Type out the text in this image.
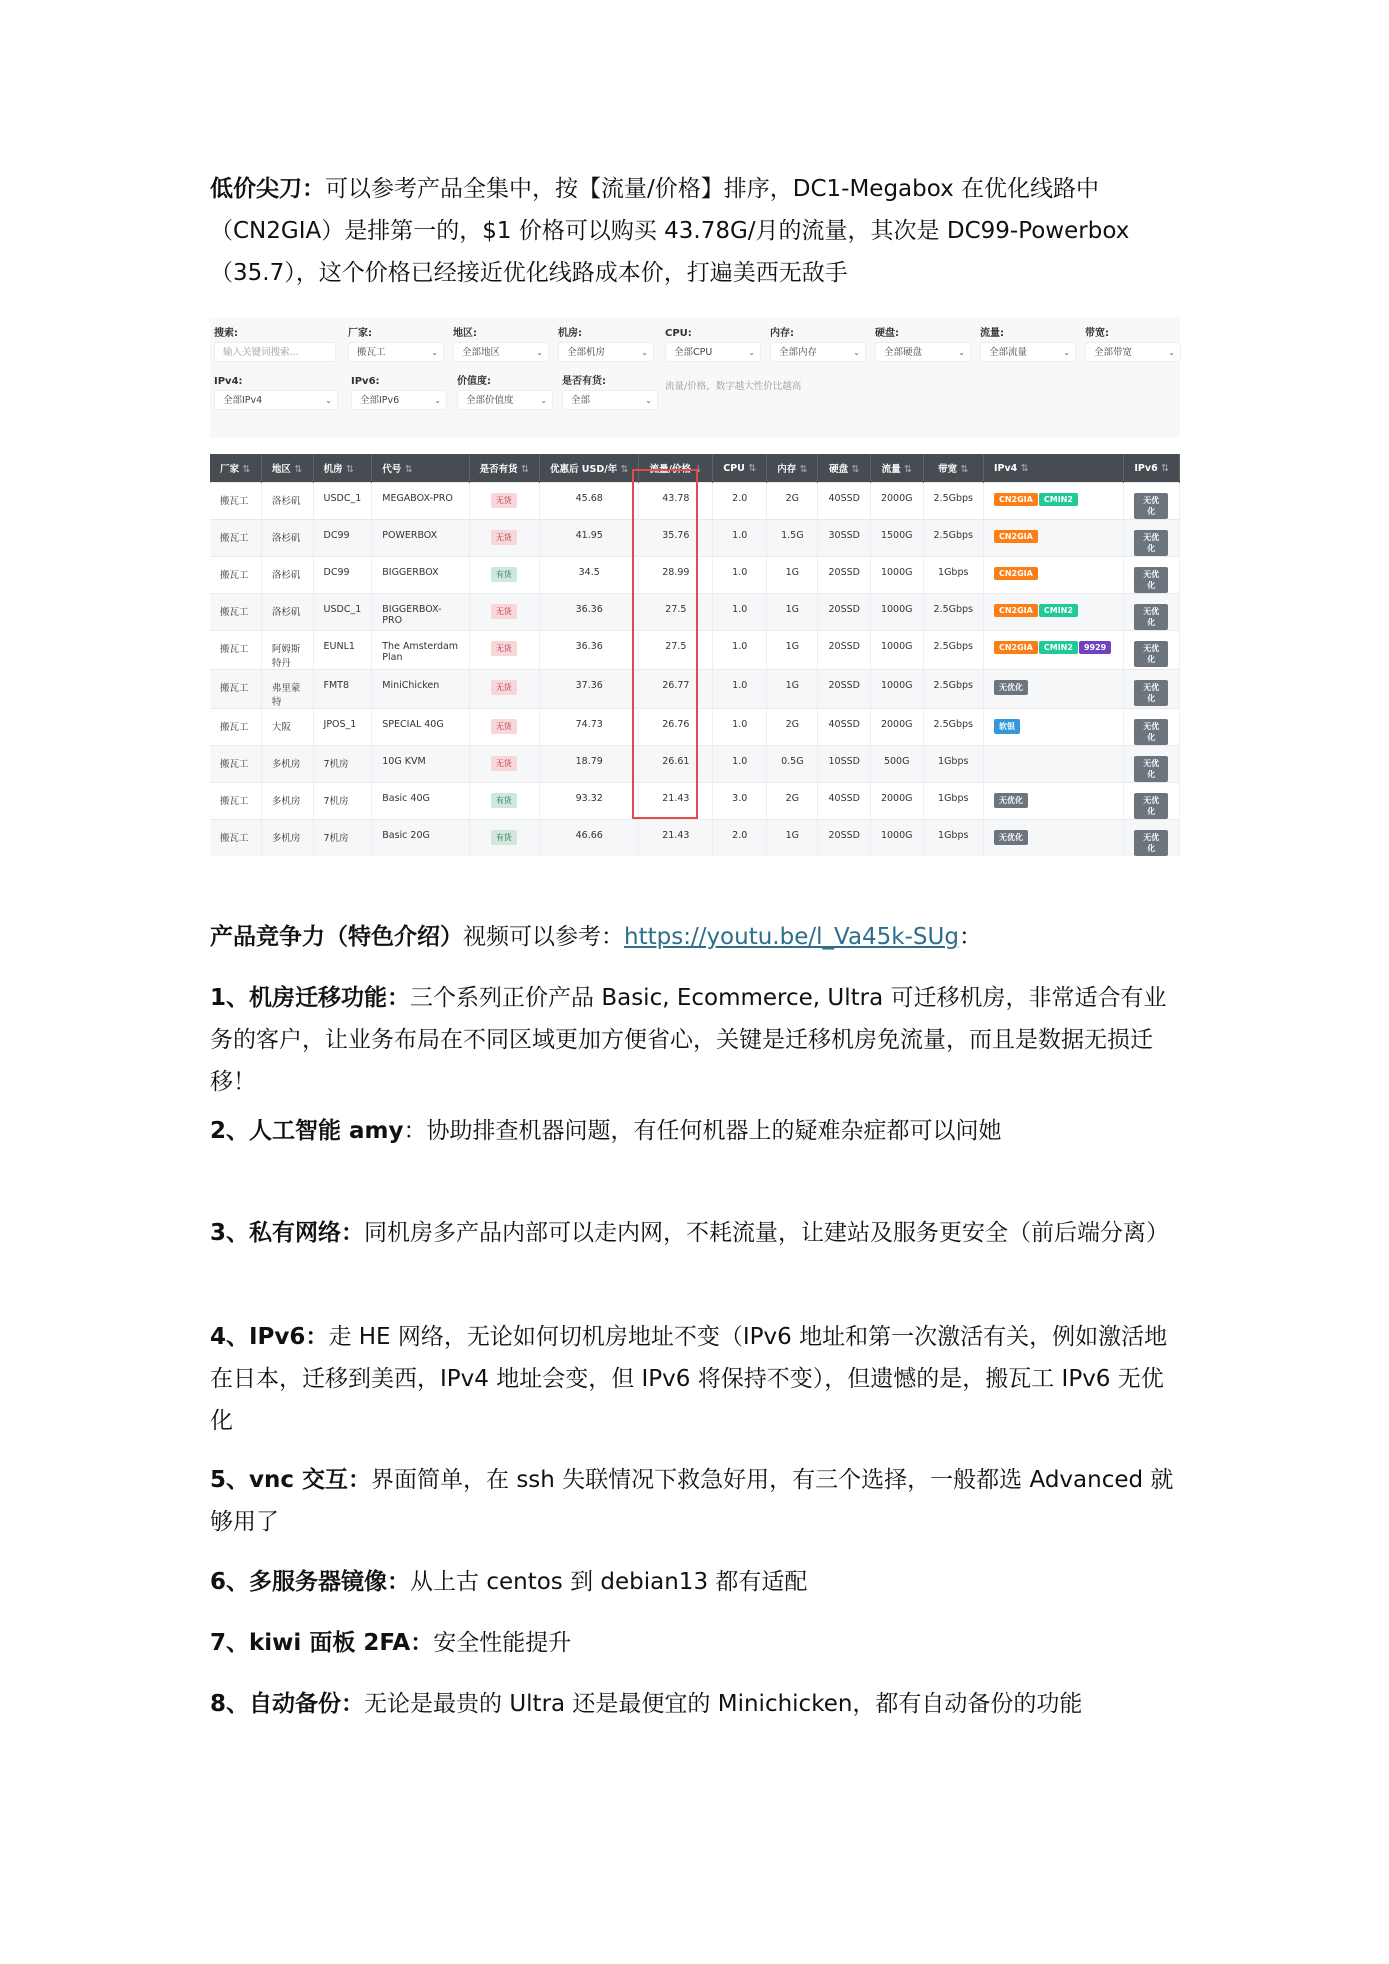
低价尖刀：可以参考产品全集中，按【流量/价格】排序，DC1-Megabox 在优化线路中（CN2GIA）是排第一的，$1 价格可以购买 43.78G/月的流量，其次是 DC99-Powerbox（35.7），这个价格已经接近优化线路成本价，打遍美西无敌手

搜索:
输入关键词搜索...
厂家:
搬瓦工	⌄
地区:
全部地区	⌄
机房:
全部机房	⌄
CPU:
全部CPU	⌄
内存:
全部内存	⌄
硬盘:
全部硬盘	⌄
流量:
全部流量	⌄
带宽:
全部带宽	⌄
IPv4:
全部IPv4	⌄
IPv6:
全部IPv6	⌄
价值度:
全部价值度	⌄
是否有货:
全部	⌄
流量/价格，数字越大性价比越高
厂家 ⇅	地区 ⇅	机房 ⇅	代号 ⇅	是否有货 ⇅	优惠后 USD/年 ⇅	流量/价格 ↓	CPU ⇅	内存 ⇅	硬盘 ⇅	流量 ⇅	带宽 ⇅	IPv4 ⇅	IPv6 ⇅
搬瓦工	洛杉矶	USDC_1	MEGABOX-PRO	无货	45.68	43.78	2.0	2G	40SSD	2000G	2.5Gbps	CN2GIA CMIN2	无优化
搬瓦工	洛杉矶	DC99	POWERBOX	无货	41.95	35.76	1.0	1.5G	30SSD	1500G	2.5Gbps	CN2GIA	无优化
搬瓦工	洛杉矶	DC99	BIGGERBOX	有货	34.5	28.99	1.0	1G	20SSD	1000G	1Gbps	CN2GIA	无优化
搬瓦工	洛杉矶	USDC_1	BIGGERBOX-PRO	无货	36.36	27.5	1.0	1G	20SSD	1000G	2.5Gbps	CN2GIA CMIN2	无优化
搬瓦工	阿姆斯特丹	EUNL1	The Amsterdam Plan	无货	36.36	27.5	1.0	1G	20SSD	1000G	2.5Gbps	CN2GIA CMIN2 9929	无优化
搬瓦工	弗里蒙特	FMT8	MiniChicken	无货	37.36	26.77	1.0	1G	20SSD	1000G	2.5Gbps	无优化	无优化
搬瓦工	大阪	JPOS_1	SPECIAL 40G	无货	74.73	26.76	1.0	2G	40SSD	2000G	2.5Gbps	软银	无优化
搬瓦工	多机房	7机房	10G KVM	无货	18.79	26.61	1.0	0.5G	10SSD	500G	1Gbps	机房已关闭	无优化
搬瓦工	多机房	7机房	Basic 40G	有货	93.32	21.43	3.0	2G	40SSD	2000G	1Gbps	无优化	无优化
搬瓦工	多机房	7机房	Basic 20G	有货	46.66	21.43	2.0	1G	20SSD	1000G	1Gbps	无优化	无优化

产品竞争力（特色介绍）视频可以参考：https://youtu.be/l_Va45k-SUg：

1、机房迁移功能：三个系列正价产品 Basic, Ecommerce, Ultra 可迁移机房，非常适合有业务的客户，让业务布局在不同区域更加方便省心，关键是迁移机房免流量，而且是数据无损迁移！

2、人工智能 amy：协助排查机器问题，有任何机器上的疑难杂症都可以问她

3、私有网络：同机房多产品内部可以走内网，不耗流量，让建站及服务更安全（前后端分离）

4、IPv6：走 HE 网络，无论如何切机房地址不变（IPv6 地址和第一次激活有关，例如激活地在日本，迁移到美西，IPv4 地址会变，但 IPv6 将保持不变），但遗憾的是，搬瓦工 IPv6 无优化

5、vnc 交互：界面简单，在 ssh 失联情况下救急好用，有三个选择，一般都选 Advanced 就够用了

6、多服务器镜像：从上古 centos 到 debian13 都有适配

7、kiwi 面板 2FA：安全性能提升

8、自动备份：无论是最贵的 Ultra 还是最便宜的 Minichicken，都有自动备份的功能
